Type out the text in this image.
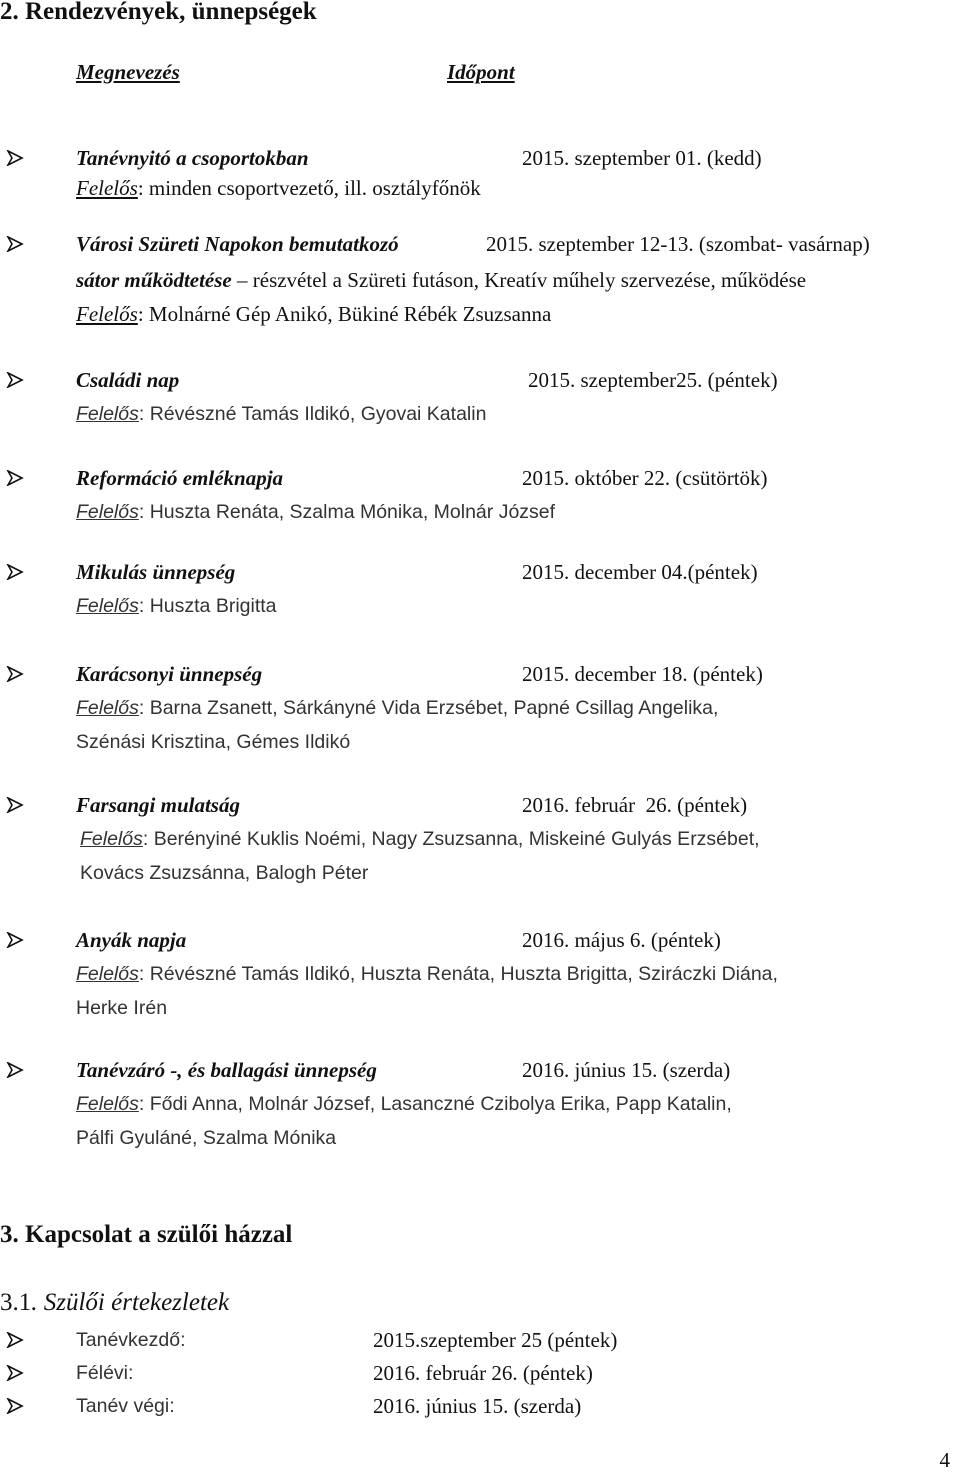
2. Rendezvények, ünnepségek
Megnevezés	Időpont
Tanévnyitó a csoportokban	2015. szeptember 01. (kedd)
Felelős: minden csoportvezető, ill. osztályfőnök
Városi Szüreti Napokon bemutatkozó	2015. szeptember 12-13. (szombat- vasárnap)
sátor működtetése – részvétel a Szüreti futáson, Kreatív műhely szervezése, működése
Felelős: Molnárné Gép Anikó, Bükiné Rébék Zsuzsanna
Családi nap	2015. szeptember25. (péntek)
Felelős: Révészné Tamás Ildikó, Gyovai Katalin
Reformáció emléknapja	2015. október 22. (csütörtök)
Felelős: Huszta Renáta, Szalma Mónika, Molnár József
Mikulás ünnepség	2015. december 04.(péntek)
Felelős: Huszta Brigitta
Karácsonyi ünnepség	2015. december 18. (péntek)
Felelős: Barna Zsanett, Sárkányné Vida Erzsébet, Papné Csillag Angelika,
Szénási Krisztina, Gémes Ildikó
Farsangi mulatság	2016. február  26. (péntek)
Felelős: Berényiné Kuklis Noémi, Nagy Zsuzsanna, Miskeiné Gulyás Erzsébet,
Kovács Zsuzsánna, Balogh Péter
Anyák napja	2016. május 6. (péntek)
Felelős: Révészné Tamás Ildikó, Huszta Renáta, Huszta Brigitta, Sziráczki Diána,
Herke Irén
Tanévzáró -, és ballagási ünnepség	2016. június 15. (szerda)
Felelős: Fődi Anna, Molnár József, Lasanczné Czibolya Erika, Papp Katalin,
Pálfi Gyuláné, Szalma Mónika
3. Kapcsolat a szülői házzal
3.1. Szülői értekezletek
Tanévkezdő:	2015.szeptember 25 (péntek)
Félévi:	2016. február 26. (péntek)
Tanév végi:	2016. június 15. (szerda)
4
